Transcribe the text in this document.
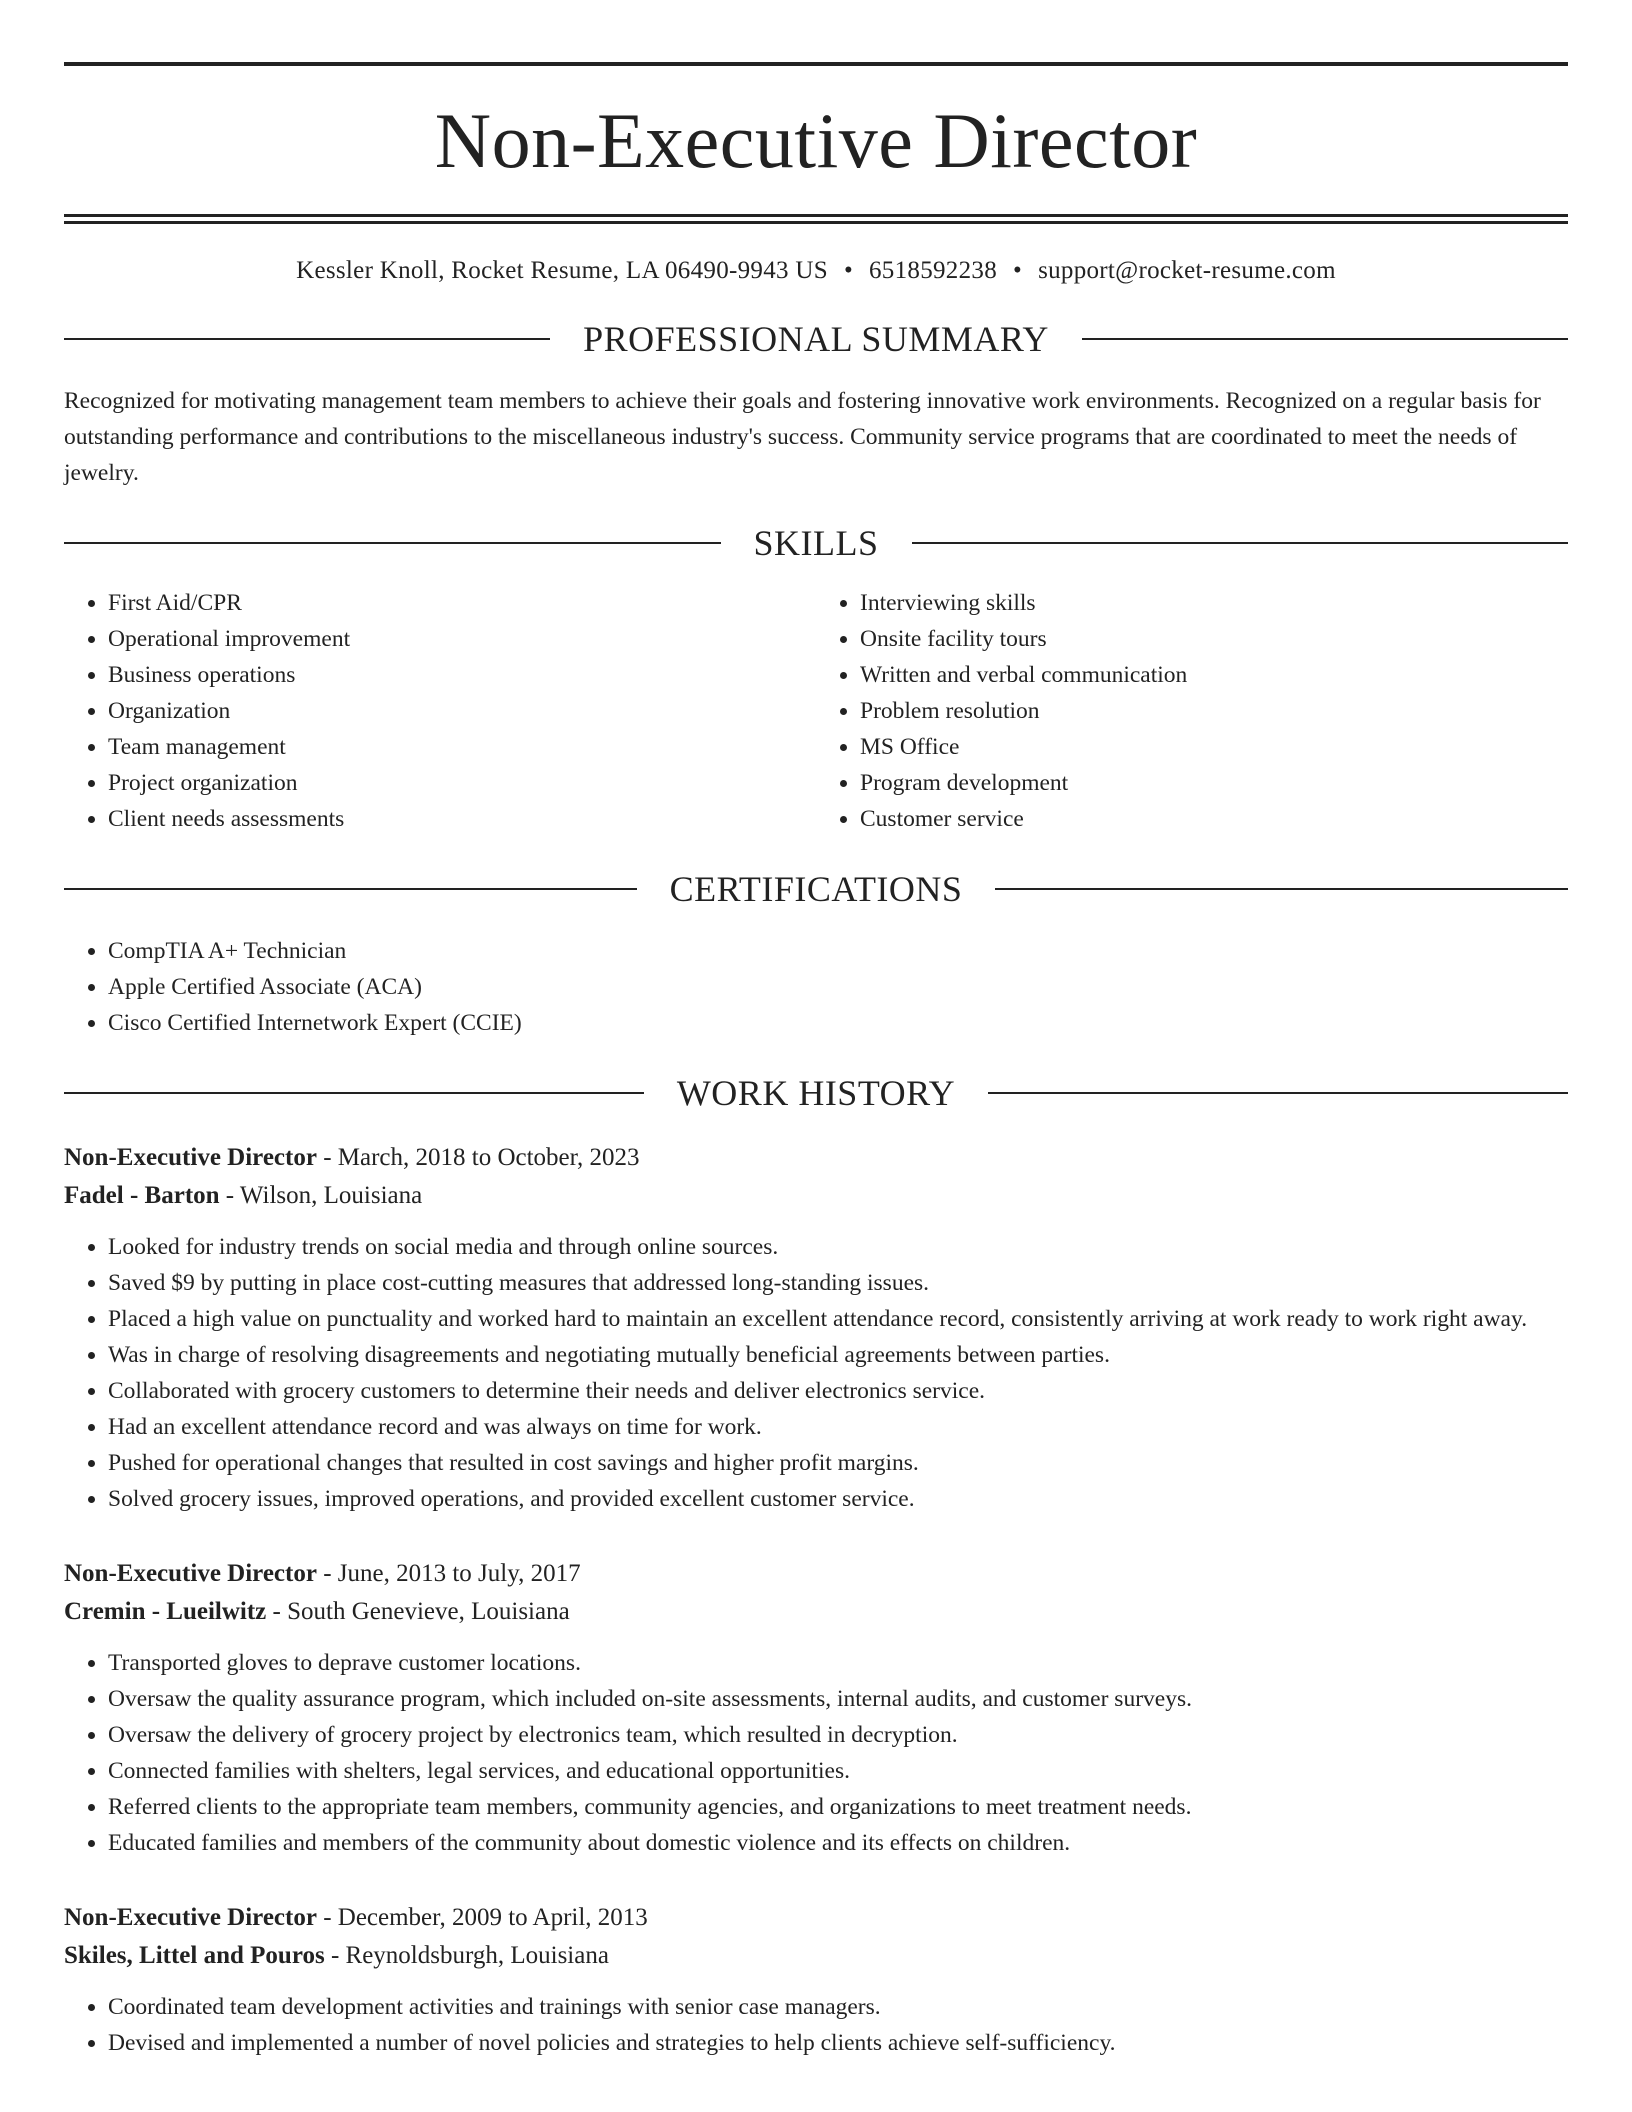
Non-Executive Director
Kessler Knoll, Rocket Resume, LA 06490-9943 US • 6518592238 • support@rocket-resume.com
PROFESSIONAL SUMMARY

Recognized for motivating management team members to achieve their goals and fostering innovative work environments. Recognized on a regular basis for outstanding performance and contributions to the miscellaneous industry's success. Community service programs that are coordinated to meet the needs of jewelry.

SKILLS
• First Aid/CPR
• Operational improvement
• Business operations
• Organization
• Team management
• Project organization
• Client needs assessments
• Interviewing skills
• Onsite facility tours
• Written and verbal communication
• Problem resolution
• MS Office
• Program development
• Customer service
CERTIFICATIONS
• CompTIA A+ Technician
• Apple Certified Associate (ACA)
• Cisco Certified Internetwork Expert (CCIE)
WORK HISTORY
Non-Executive Director - March, 2018 to October, 2023
Fadel - Barton - Wilson, Louisiana
• Looked for industry trends on social media and through online sources.
• Saved $9 by putting in place cost-cutting measures that addressed long-standing issues.
• Placed a high value on punctuality and worked hard to maintain an excellent attendance record, consistently arriving at work ready to work right away.
• Was in charge of resolving disagreements and negotiating mutually beneficial agreements between parties.
• Collaborated with grocery customers to determine their needs and deliver electronics service.
• Had an excellent attendance record and was always on time for work.
• Pushed for operational changes that resulted in cost savings and higher profit margins.
• Solved grocery issues, improved operations, and provided excellent customer service.
Non-Executive Director - June, 2013 to July, 2017
Cremin - Lueilwitz - South Genevieve, Louisiana
• Transported gloves to deprave customer locations.
• Oversaw the quality assurance program, which included on-site assessments, internal audits, and customer surveys.
• Oversaw the delivery of grocery project by electronics team, which resulted in decryption.
• Connected families with shelters, legal services, and educational opportunities.
• Referred clients to the appropriate team members, community agencies, and organizations to meet treatment needs.
• Educated families and members of the community about domestic violence and its effects on children.
Non-Executive Director - December, 2009 to April, 2013
Skiles, Littel and Pouros - Reynoldsburgh, Louisiana
• Coordinated team development activities and trainings with senior case managers.
• Devised and implemented a number of novel policies and strategies to help clients achieve self-sufficiency.
